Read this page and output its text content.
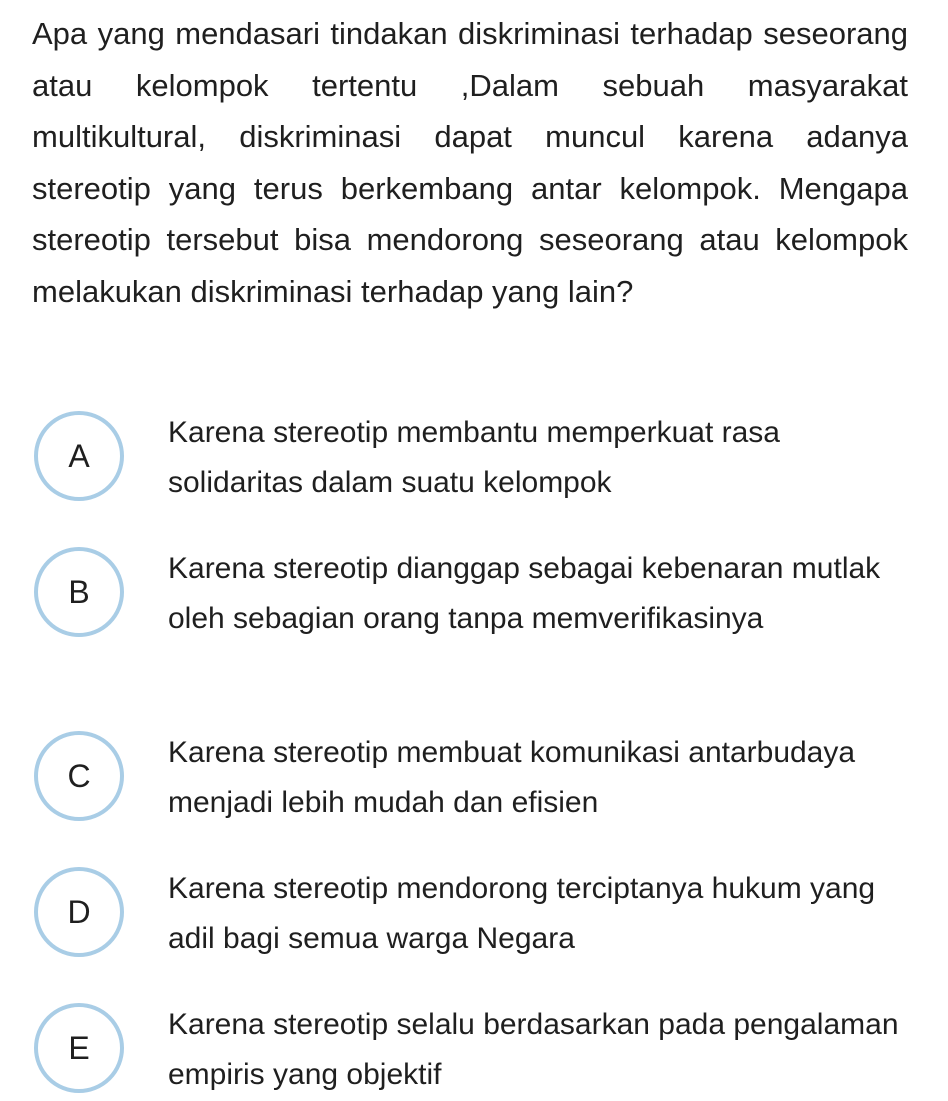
Apa yang mendasari tindakan diskriminasi terhadap seseorang atau kelompok tertentu ,Dalam sebuah masyarakat multikultural, diskriminasi dapat muncul karena adanya stereotip yang terus berkembang antar kelompok. Mengapa stereotip tersebut bisa mendorong seseorang atau kelompok melakukan diskriminasi terhadap yang lain?

A

Karena stereotip membantu memperkuat rasa solidaritas dalam suatu kelompok

B

Karena stereotip dianggap sebagai kebenaran mutlak oleh sebagian orang tanpa memverifikasinya

C

Karena stereotip membuat komunikasi antarbudaya menjadi lebih mudah dan efisien

D

Karena stereotip mendorong terciptanya hukum yang adil bagi semua warga Negara

E

Karena stereotip selalu berdasarkan pada pengalaman empiris yang objektif
